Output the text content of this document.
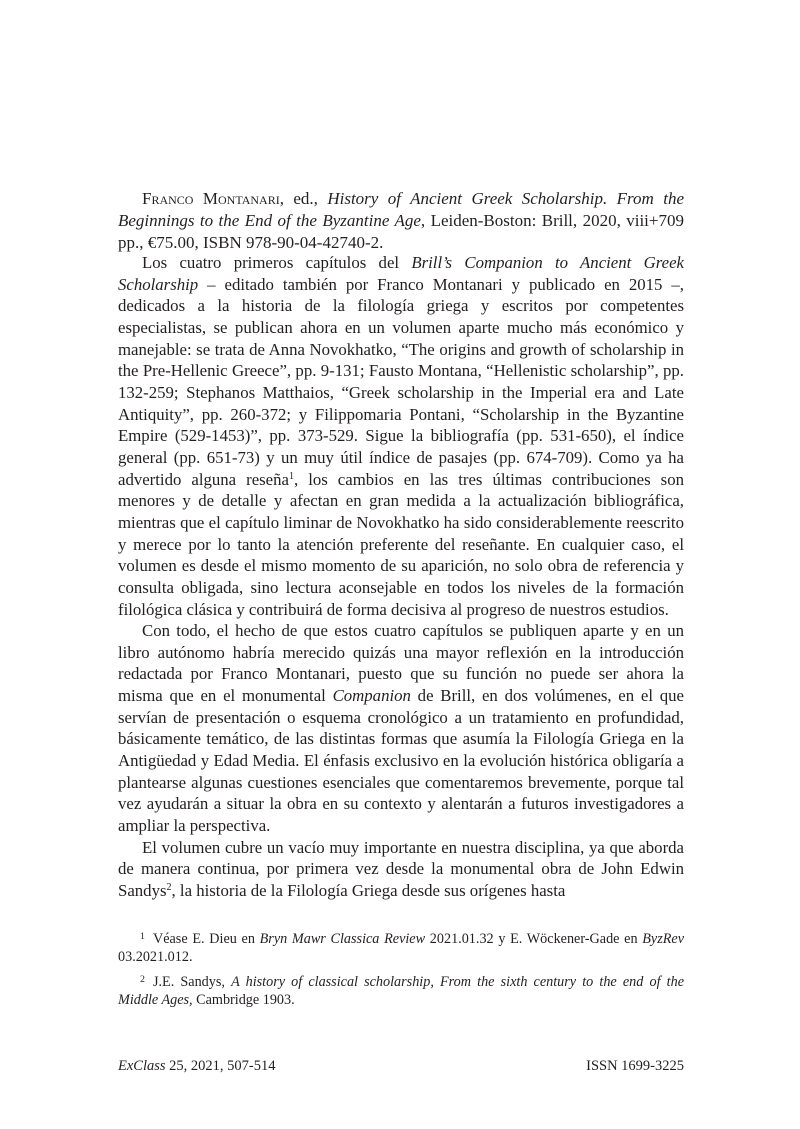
Franco Montanari, ed., History of Ancient Greek Scholarship. From the Beginnings to the End of the Byzantine Age, Leiden-Boston: Brill, 2020, viii+709 pp., €75.00, ISBN 978-90-04-42740-2.

Los cuatro primeros capítulos del Brill’s Companion to Ancient Greek Scholarship – editado también por Franco Montanari y publicado en 2015 –, dedicados a la historia de la filología griega y escritos por competentes especialistas, se publican ahora en un volumen aparte mucho más económico y manejable: se trata de Anna Novokhatko, “The origins and growth of scholarship in the Pre-Hellenic Greece”, pp. 9-131; Fausto Montana, “Hellenistic scholarship”, pp. 132-259; Stephanos Matthaios, “Greek scholarship in the Imperial era and Late Antiquity”, pp. 260-372; y Filippomaria Pontani, “Scholarship in the Byzantine Empire (529-1453)”, pp. 373-529. Sigue la bibliografía (pp. 531-650), el índice general (pp. 651-73) y un muy útil índice de pasajes (pp. 674-709). Como ya ha advertido alguna reseña$^1$, los cambios en las tres últimas contribuciones son menores y de detalle y afectan en gran medida a la actualización bibliográfica, mientras que el capítulo liminar de Novokhatko ha sido considerablemente reescrito y merece por lo tanto la atención preferente del reseñante. En cualquier caso, el volumen es desde el mismo momento de su aparición, no solo obra de referencia y consulta obligada, sino lectura aconsejable en todos los niveles de la formación filológica clásica y contribuirá de forma decisiva al progreso de nuestros estudios.

Con todo, el hecho de que estos cuatro capítulos se publiquen aparte y en un libro autónomo habría merecido quizás una mayor reflexión en la introducción redactada por Franco Montanari, puesto que su función no puede ser ahora la misma que en el monumental Companion de Brill, en dos volúmenes, en el que servían de presentación o esquema cronológico a un tratamiento en profundidad, básicamente temático, de las distintas formas que asumía la Filología Griega en la Antigüedad y Edad Media. El énfasis exclusivo en la evolución histórica obligaría a plantearse algunas cuestiones esenciales que comentaremos brevemente, porque tal vez ayudarán a situar la obra en su contexto y alentarán a futuros investigadores a ampliar la perspectiva.

El volumen cubre un vacío muy importante en nuestra disciplina, ya que aborda de manera continua, por primera vez desde la monumental obra de John Edwin Sandys$^2$, la historia de la Filología Griega desde sus orígenes hasta

$^1$ Véase E. Dieu en Bryn Mawr Classica Review 2021.01.32 y E. Wöckener-Gade en ByzRev 03.2021.012.

$^2$ J.E. Sandys, A history of classical scholarship, From the sixth century to the end of the Middle Ages, Cambridge 1903.

ExClass 25, 2021, 507-514	ISSN 1699-3225
